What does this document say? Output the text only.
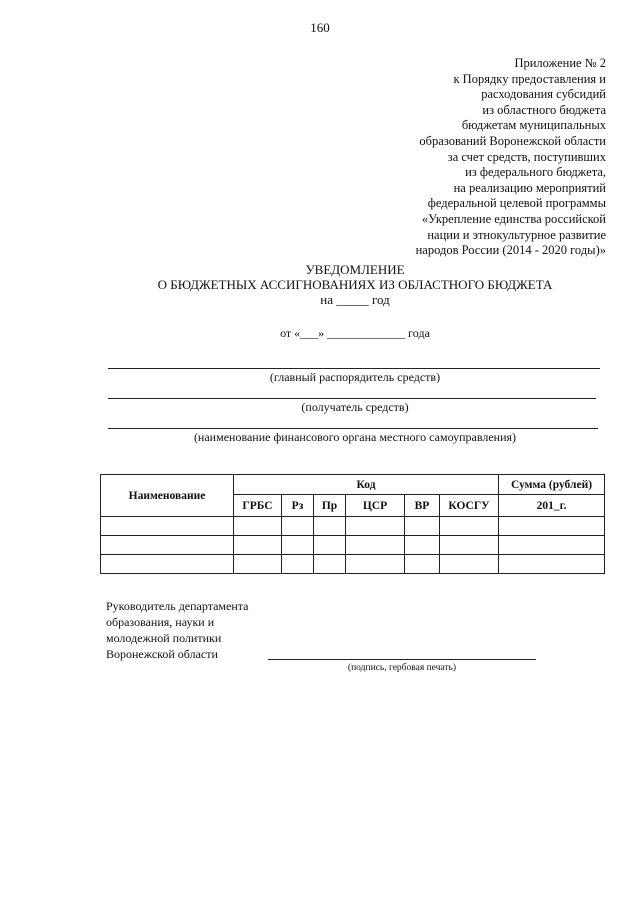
160
Приложение № 2
к Порядку предоставления и
расходования субсидий
из областного бюджета
бюджетам муниципальных
образований Воронежской области
за счет средств, поступивших
из федерального бюджета,
на реализацию мероприятий
федеральной целевой программы
«Укрепление единства российской
нации и этнокультурное развитие
народов России (2014 - 2020 годы)»
УВЕДОМЛЕНИЕ
О БЮДЖЕТНЫХ АССИГНОВАНИЯХ ИЗ ОБЛАСТНОГО БЮДЖЕТА
на _____ год
от «___» _____________ года
(главный распорядитель средств)
(получатель средств)
(наименование финансового органа местного самоуправления)
Наименование	Код						Сумма (рублей)
	ГРБС	Рз	Пр	ЦСР	ВР	КОСГУ	201_г.

Руководитель департамента
образования, науки и
молодежной политики
Воронежской области
(подпись, гербовая печать)
